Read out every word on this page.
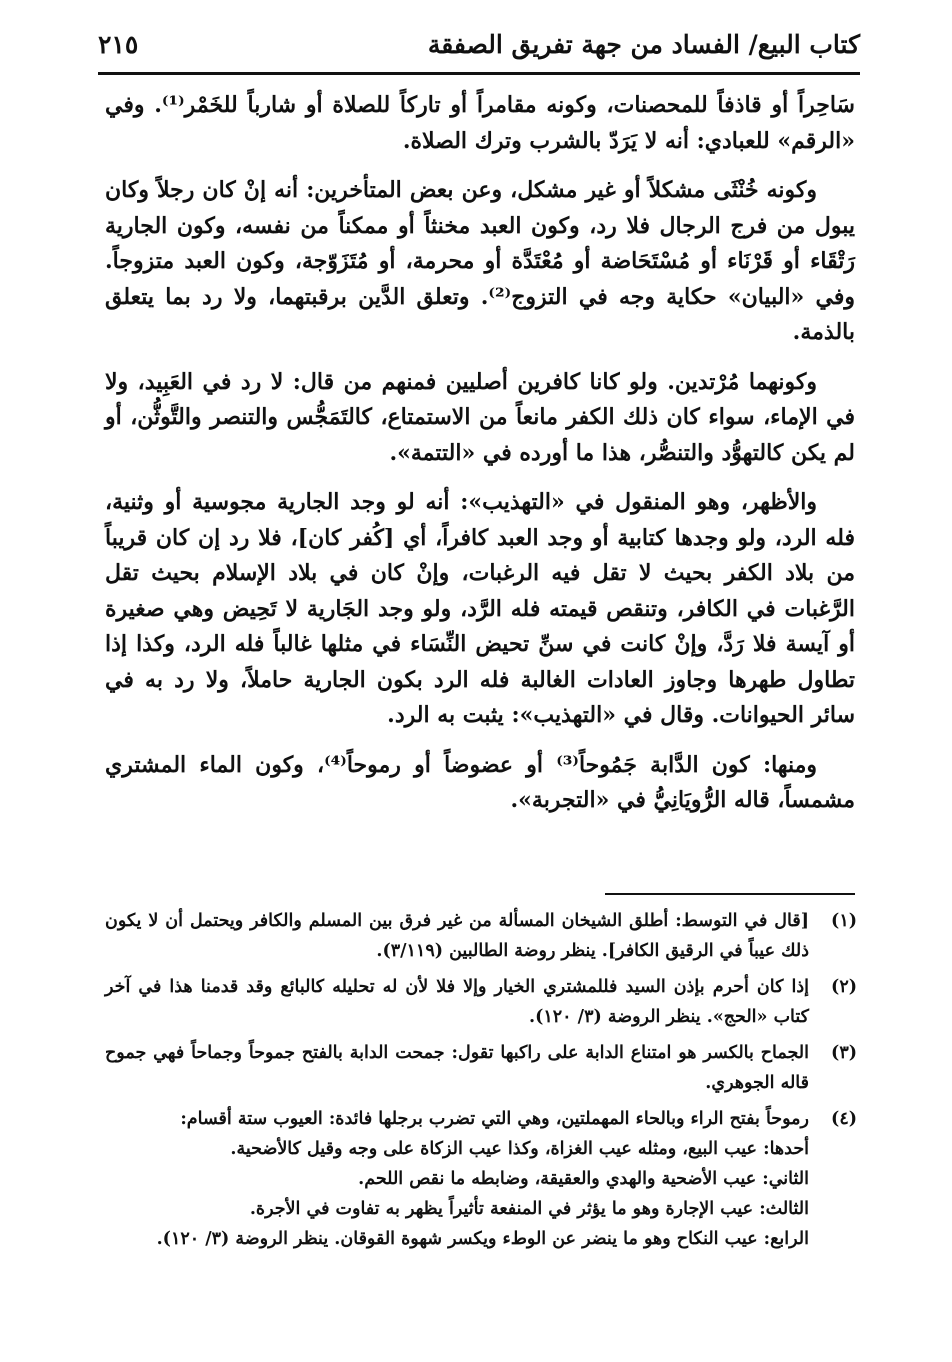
كتاب البيع/ الفساد من جهة تفريق الصفقة
٢١٥

سَاحِراً أو قاذفاً للمحصنات، وكونه مقامراً أو تاركاً للصلاة أو شارباً للخَمْر⁽¹⁾. وفي «الرقم» للعبادي: أنه لا يَرَدّ بالشرب وترك الصلاة.

وكونه خُنْثَى مشكلاً أو غير مشكل، وعن بعض المتأخرين: أنه إنْ كان رجلاً وكان يبول من فرج الرجال فلا رد، وكون العبد مخنثاً أو ممكناً من نفسه، وكون الجارية رَتْقَاء أو قَرْنَاء أو مُسْتَحَاضة أو مُعْتَدَّة أو محرمة، أو مُتَزَوّجة، وكون العبد متزوجاً. وفي «البيان» حكاية وجه في التزوج⁽²⁾. وتعلق الدَّين برقبتهما، ولا رد بما يتعلق بالذمة.

وكونهما مُرْتدين. ولو كانا كافرين أصليين فمنهم من قال: لا رد في العَبِيد، ولا في الإماء، سواء كان ذلك الكفر مانعاً من الاستمتاع، كالتَمَجُّس والتنصر والتَّوثُّن، أو لم يكن كالتهوُّد والتنصُّر، هذا ما أورده في «التتمة».

والأظهر، وهو المنقول في «التهذيب»: أنه لو وجد الجارية مجوسية أو وثنية، فله الرد، ولو وجدها كتابية أو وجد العبد كافراً، أي [كُفر كان]، فلا رد إن كان قريباً من بلاد الكفر بحيث لا تقل فيه الرغبات، وإنْ كان في بلاد الإسلام بحيث تقل الرَّغبات في الكافر، وتنقص قيمته فله الرَّد، ولو وجد الجَارية لا تَحِيض وهي صغيرة أو آيسة فلا رَدَّ، وإنْ كانت في سنِّ تحيض النِّسَاء في مثلها غالباً فله الرد، وكذا إذا تطاول طهرها وجاوز العادات الغالبة فله الرد بكون الجارية حاملاً، ولا رد به في سائر الحيوانات. وقال في «التهذيب»: يثبت به الرد.

ومنها: كون الدَّابة جَمُوحاً⁽³⁾ أو عضوضاً أو رموحاً⁽⁴⁾، وكون الماء المشتري مشمساً، قاله الرُّويَانِيُّ في «التجربة».

(١)
[قال في التوسط: أطلق الشيخان المسألة من غير فرق بين المسلم والكافر ويحتمل أن لا يكون ذلك عيباً في الرقيق الكافر]. ينظر روضة الطالبين (٣/١١٩).
(٢)
إذا كان أحرم بإذن السيد فللمشتري الخيار وإلا فلا لأن له تحليله كالبائع وقد قدمنا هذا في آخر كتاب «الحج». ينظر الروضة (٣/ ١٢٠).
(٣)
الجماح بالكسر هو امتناع الدابة على راكبها تقول: جمحت الدابة بالفتح جموحاً وجماحاً فهي جموح قاله الجوهري.
(٤)
رموحاً بفتح الراء وبالحاء المهملتين، وهي التي تضرب برجلها فائدة: العيوب ستة أقسام:
أحدها: عيب البيع، ومثله عيب الغزاة، وكذا عيب الزكاة على وجه وقيل كالأضحية.
الثاني: عيب الأضحية والهدي والعقيقة، وضابطه ما نقص اللحم.
الثالث: عيب الإجارة وهو ما يؤثر في المنفعة تأثيراً يظهر به تفاوت في الأجرة.
الرابع: عيب النكاح وهو ما ينضر عن الوطء ويكسر شهوة القوقان. ينظر الروضة (٣/ ١٢٠).
